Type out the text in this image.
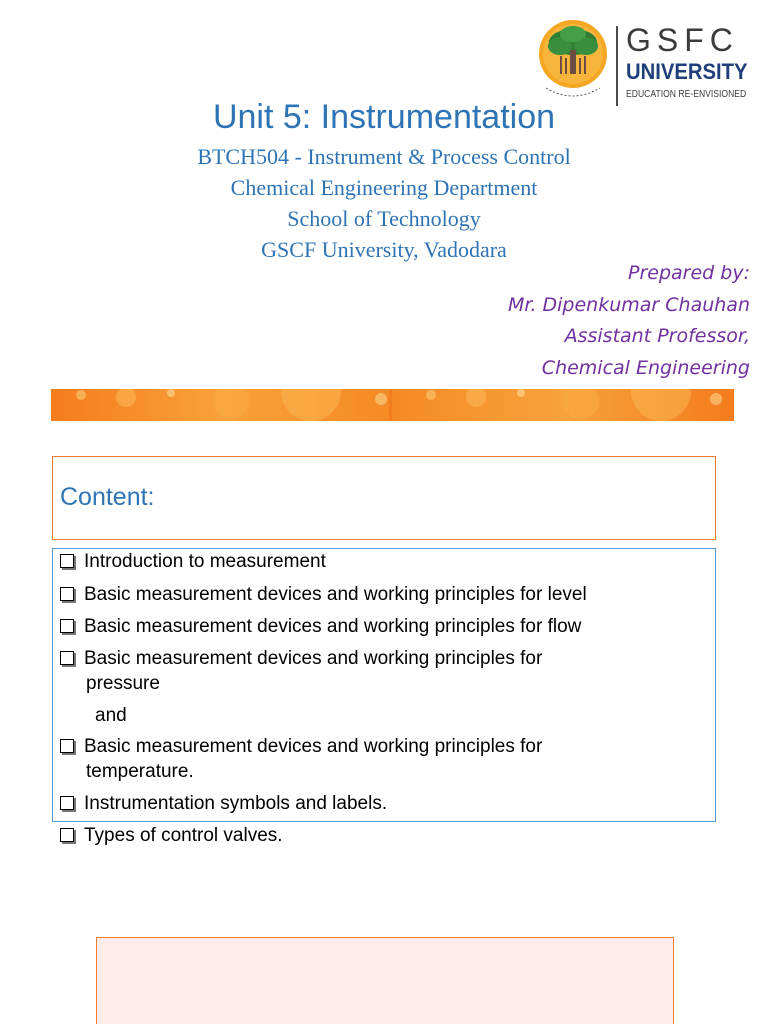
GSFC
UNIVERSITY
EDUCATION RE-ENVISIONED
Unit 5: Instrumentation
BTCH504 - Instrument & Process Control
Chemical Engineering Department
School of Technology
GSCF University, Vadodara
Prepared by:
Mr. Dipenkumar Chauhan
Assistant Professor,
Chemical Engineering
Content:
Introduction to measurement
Basic measurement devices and working principles for level
Basic measurement devices and working principles for flow
Basic measurement devices and working principles for
pressure
and
Basic measurement devices and working principles for
temperature.
Instrumentation symbols and labels.
Types of control valves.
